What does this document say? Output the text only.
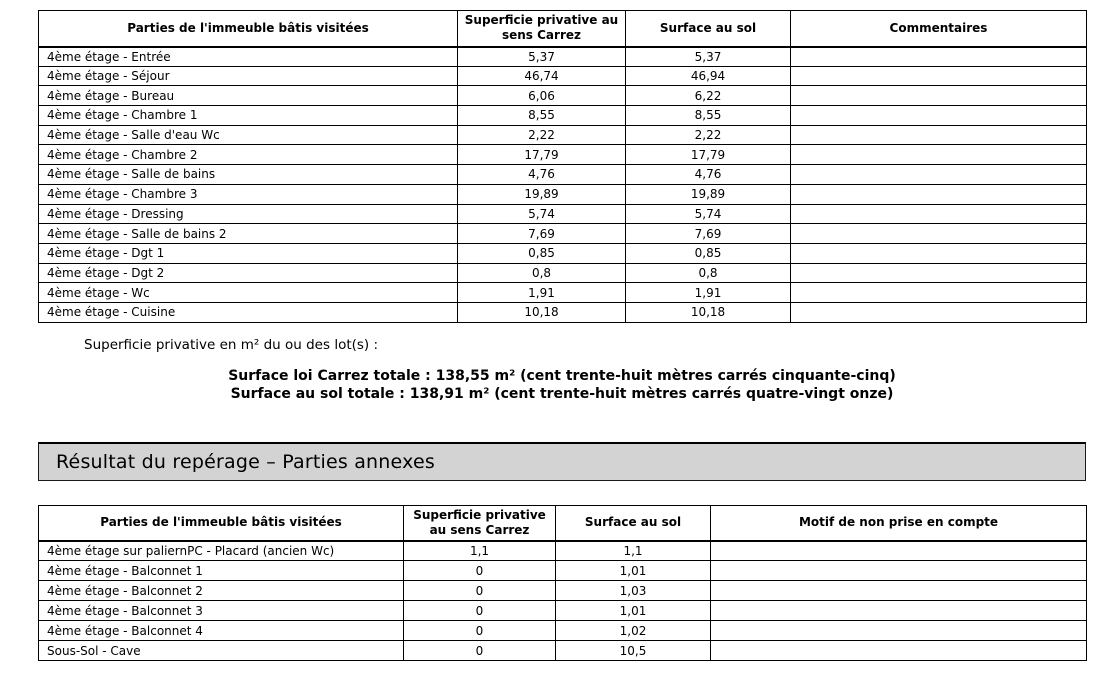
Parties de l'immeuble bâtis visitées	Superficie privative au sens Carrez	Surface au sol	Commentaires
4ème étage - Entrée	5,37	5,37	
4ème étage - Séjour	46,74	46,94	
4ème étage - Bureau	6,06	6,22	
4ème étage - Chambre 1	8,55	8,55	
4ème étage - Salle d'eau Wc	2,22	2,22	
4ème étage - Chambre 2	17,79	17,79	
4ème étage - Salle de bains	4,76	4,76	
4ème étage - Chambre 3	19,89	19,89	
4ème étage - Dressing	5,74	5,74	
4ème étage - Salle de bains 2	7,69	7,69	
4ème étage - Dgt 1	0,85	0,85	
4ème étage - Dgt 2	0,8	0,8	
4ème étage - Wc	1,91	1,91	
4ème étage - Cuisine	10,18	10,18	
Superficie privative en m² du ou des lot(s) :
Surface loi Carrez totale : 138,55 m² (cent trente-huit mètres carrés cinquante-cinq)
Surface au sol totale : 138,91 m² (cent trente-huit mètres carrés quatre-vingt onze)
Résultat du repérage – Parties annexes
Parties de l'immeuble bâtis visitées	Superficie privative au sens Carrez	Surface au sol	Motif de non prise en compte
4ème étage sur paliernPC - Placard (ancien Wc)	1,1	1,1	
4ème étage - Balconnet 1	0	1,01	
4ème étage - Balconnet 2	0	1,03	
4ème étage - Balconnet 3	0	1,01	
4ème étage - Balconnet 4	0	1,02	
Sous-Sol - Cave	0	10,5	
